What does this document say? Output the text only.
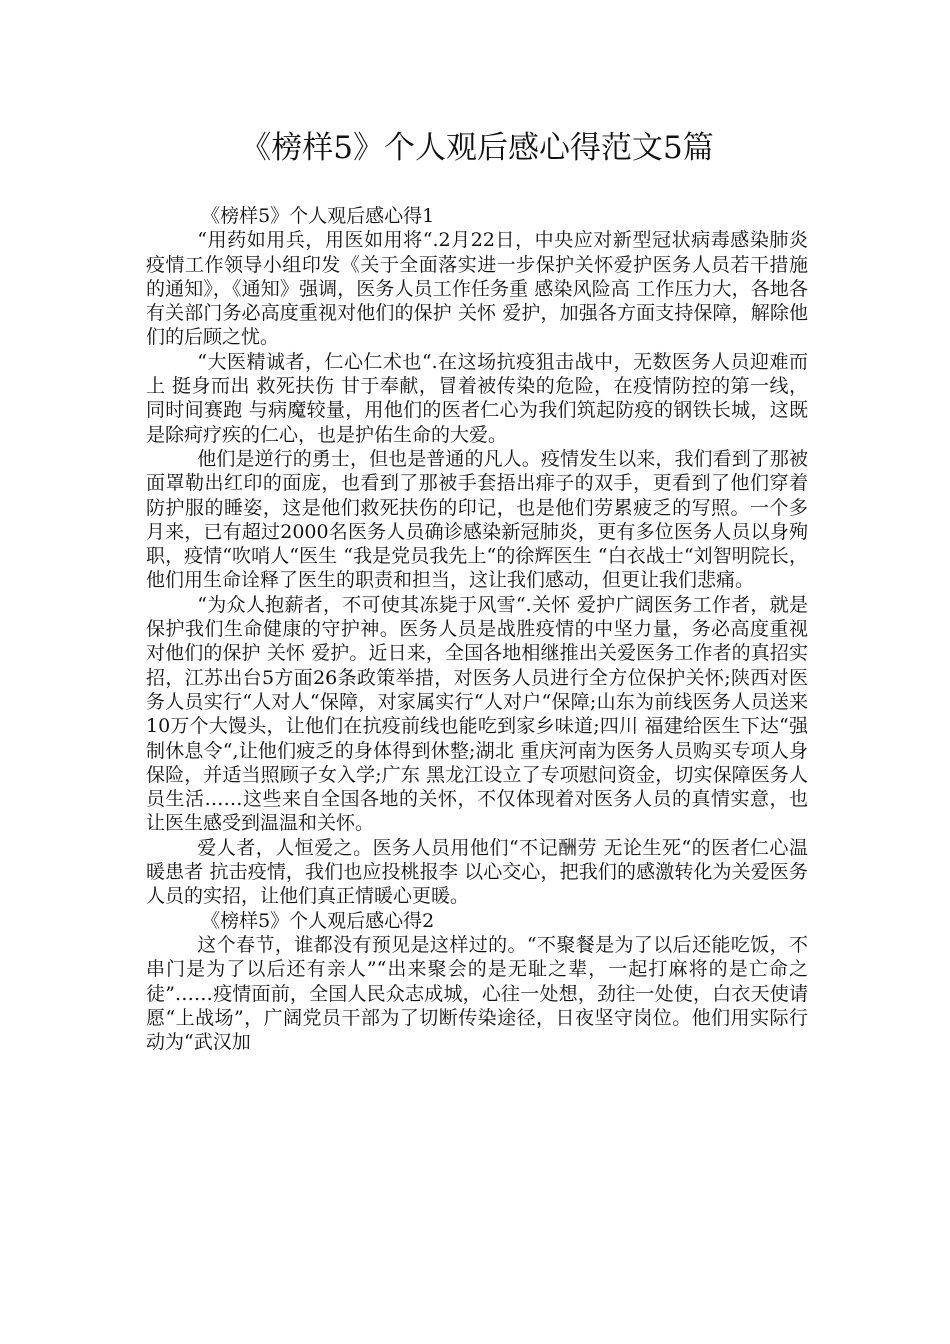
《榜样5》个人观后感心得范文5篇

《榜样5》个人观后感心得1

“用药如用兵，用医如用将“.2月22日，中央应对新型冠状病毒感染肺炎疫情工作领导小组印发《关于全面落实进一步保护关怀爱护医务人员若干措施的通知》，《通知》强调，医务人员工作任务重 感染风险高 工作压力大，各地各有关部门务必高度重视对他们的保护 关怀 爱护，加强各方面支持保障，解除他们的后顾之忧。

“大医精诚者，仁心仁术也“.在这场抗疫狙击战中，无数医务人员迎难而上 挺身而出 救死扶伤 甘于奉献，冒着被传染的危险，在疫情防控的第一线，同时间赛跑 与病魔较量，用他们的医者仁心为我们筑起防疫的钢铁长城，这既是除疴疗疾的仁心，也是护佑生命的大爱。

他们是逆行的勇士，但也是普通的凡人。疫情发生以来，我们看到了那被面罩勒出红印的面庞，也看到了那被手套捂出痱子的双手，更看到了他们穿着防护服的睡姿，这是他们救死扶伤的印记，也是他们劳累疲乏的写照。一个多月来，已有超过2000名医务人员确诊感染新冠肺炎，更有多位医务人员以身殉职，疫情“吹哨人“医生 “我是党员我先上“的徐辉医生 “白衣战士“刘智明院长，他们用生命诠释了医生的职责和担当，这让我们感动，但更让我们悲痛。

“为众人抱薪者，不可使其冻毙于风雪“.关怀 爱护广阔医务工作者，就是保护我们生命健康的守护神。医务人员是战胜疫情的中坚力量，务必高度重视对他们的保护 关怀 爱护。近日来，全国各地相继推出关爱医务工作者的真招实招，江苏出台5方面26条政策举措，对医务人员进行全方位保护关怀;陕西对医务人员实行“人对人“保障，对家属实行“人对户“保障;山东为前线医务人员送来10万个大馒头，让他们在抗疫前线也能吃到家乡味道;四川 福建给医生下达“强制休息令“,让他们疲乏的身体得到休整;湖北 重庆河南为医务人员购买专项人身保险，并适当照顾子女入学;广东 黑龙江设立了专项慰问资金，切实保障医务人员生活……这些来自全国各地的关怀，不仅体现着对医务人员的真情实意，也让医生感受到温温和关怀。

爱人者，人恒爱之。医务人员用他们“不记酬劳 无论生死“的医者仁心温暖患者 抗击疫情，我们也应投桃报李 以心交心，把我们的感激转化为关爱医务人员的实招，让他们真正情暖心更暖。

《榜样5》个人观后感心得2

这个春节，谁都没有预见是这样过的。“不聚餐是为了以后还能吃饭，不串门是为了以后还有亲人”“出来聚会的是无耻之辈，一起打麻将的是亡命之徒”……疫情面前，全国人民众志成城，心往一处想，劲往一处使，白衣天使请愿“上战场”，广阔党员干部为了切断传染途径，日夜坚守岗位。他们用实际行动为“武汉加
